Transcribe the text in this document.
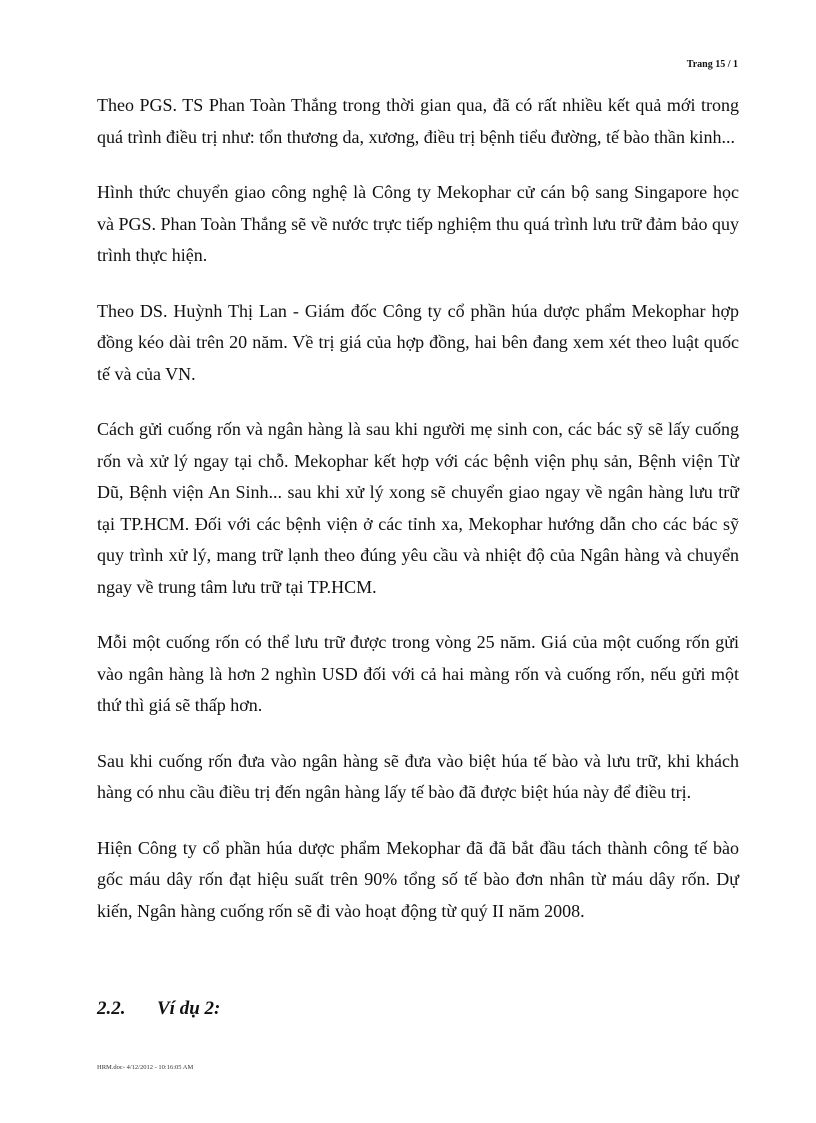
Trang 15 / 1

Theo PGS. TS Phan Toàn Thắng trong thời gian qua, đã có rất nhiều kết quả mới trong quá trình điều trị như: tổn thương da, xương, điều trị bệnh tiểu đường, tế bào thần kinh...

Hình thức chuyển giao công nghệ là Công ty Mekophar cử cán bộ sang Singapore học và PGS. Phan Toàn Thắng sẽ về nước trực tiếp nghiệm thu quá trình lưu trữ đảm bảo quy trình thực hiện.

Theo DS. Huỳnh Thị Lan - Giám đốc Công ty cổ phần húa dược phẩm Mekophar hợp đồng kéo dài trên 20 năm. Về trị giá của hợp đồng, hai bên đang xem xét theo luật quốc tế và của VN.

Cách gửi cuống rốn và ngân hàng là sau khi người mẹ sinh con, các bác sỹ sẽ lấy cuống rốn và xử lý ngay tại chỗ. Mekophar kết hợp với các bệnh viện phụ sản, Bệnh viện Từ Dũ, Bệnh viện An Sinh... sau khi xử lý xong sẽ chuyển giao ngay về ngân hàng lưu trữ tại TP.HCM. Đối với các bệnh viện ở các tỉnh xa, Mekophar hướng dẫn cho các bác sỹ quy trình xử lý, mang trữ lạnh theo đúng yêu cầu và nhiệt độ của Ngân hàng và chuyển ngay về trung tâm lưu trữ tại TP.HCM.

Mỗi một cuống rốn có thể lưu trữ được trong vòng 25 năm. Giá của một cuống rốn gửi vào ngân hàng là hơn 2 nghìn USD đối với cả hai màng rốn và cuống rốn, nếu gửi một thứ thì giá sẽ thấp hơn.

Sau khi cuống rốn đưa vào ngân hàng sẽ đưa vào biệt húa tế bào và lưu trữ, khi khách hàng có nhu cầu điều trị đến ngân hàng lấy tế bào đã được biệt húa này để điều trị.

Hiện Công ty cổ phần húa dược phẩm Mekophar đã đã bắt đầu tách thành công tế bào gốc máu dây rốn đạt hiệu suất trên 90% tổng số tế bào đơn nhân từ máu dây rốn. Dự kiến, Ngân hàng cuống rốn sẽ đi vào hoạt động từ quý II năm 2008.

2.2. Ví dụ 2:
HRM.doc- 4/12/2012 - 10:16:05 AM
